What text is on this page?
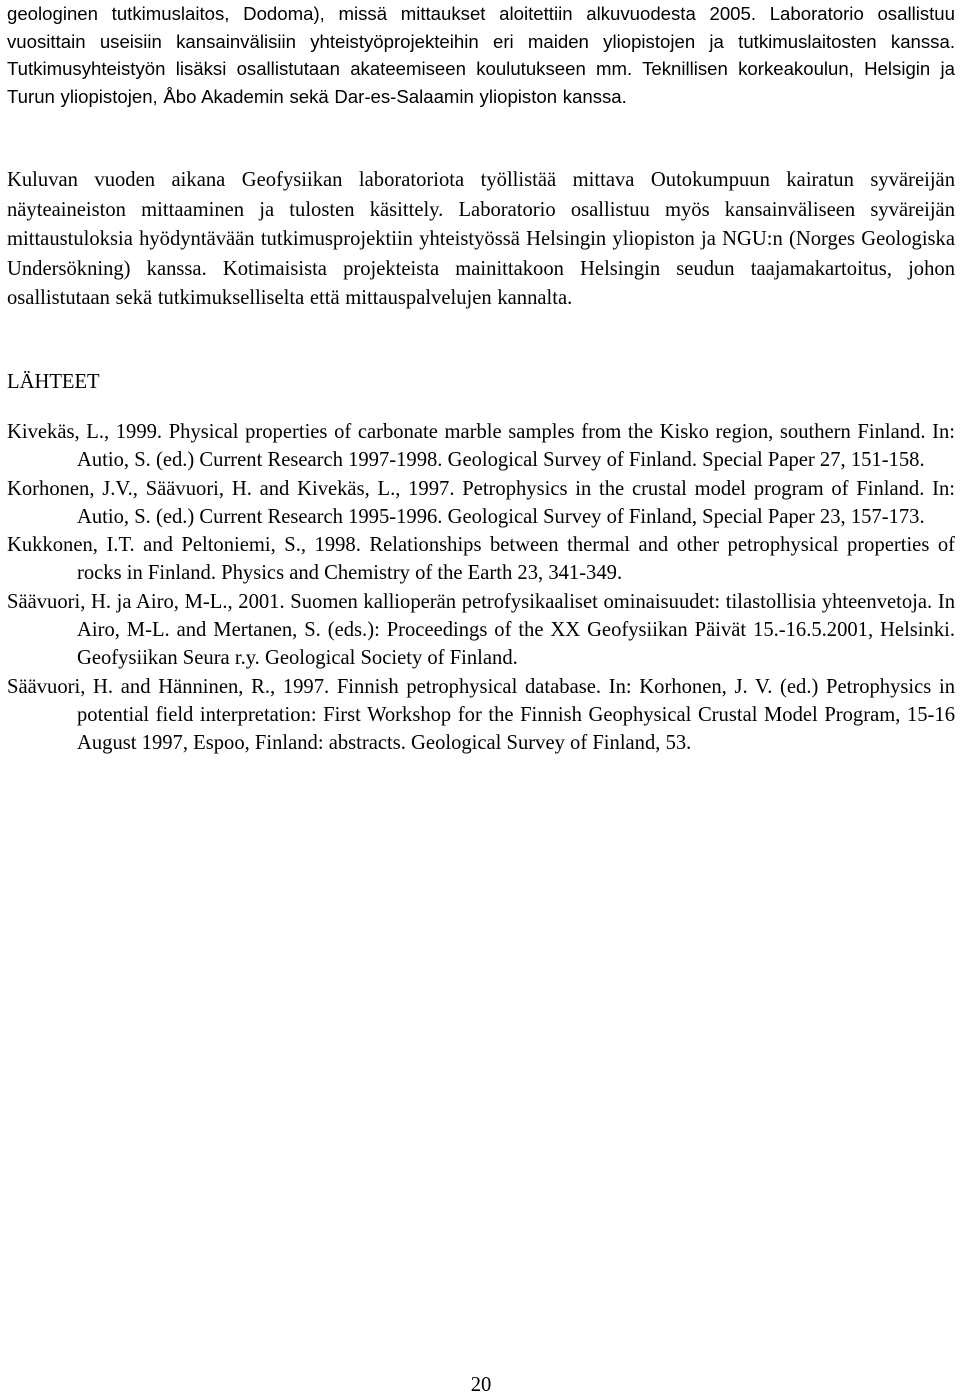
geologinen tutkimuslaitos, Dodoma), missä mittaukset aloitettiin alkuvuodesta 2005. Laboratorio osallistuu vuosittain useisiin kansainvälisiin yhteistyöprojekteihin eri maiden yliopistojen ja tutkimuslaitosten kanssa. Tutkimusyhteistyön lisäksi osallistutaan akateemiseen koulutukseen mm. Teknillisen korkeakoulun, Helsigin ja Turun yliopistojen, Åbo Akademin sekä Dar-es-Salaamin yliopiston kanssa.

Kuluvan vuoden aikana Geofysiikan laboratoriota työllistää mittava Outokumpuun kairatun syväreijän näyteaineiston mittaaminen ja tulosten käsittely. Laboratorio osallistuu myös kansainväliseen syväreijän mittaustuloksia hyödyntävään tutkimusprojektiin yhteistyössä Helsingin yliopiston ja NGU:n (Norges Geologiska Undersökning) kanssa. Kotimaisista projekteista mainittakoon Helsingin seudun taajamakartoitus, johon osallistutaan sekä tutkimukselliselta että mittauspalvelujen kannalta.

LÄHTEET
Kivekäs, L., 1999. Physical properties of carbonate marble samples from the Kisko region, southern Finland. In: Autio, S. (ed.) Current Research 1997-1998. Geological Survey of Finland. Special Paper 27, 151-158.
Korhonen, J.V., Säävuori, H. and Kivekäs, L., 1997. Petrophysics in the crustal model program of Finland. In: Autio, S. (ed.) Current Research 1995-1996. Geological Survey of Finland, Special Paper 23, 157-173.
Kukkonen, I.T. and Peltoniemi, S., 1998. Relationships between thermal and other petrophysical properties of rocks in Finland. Physics and Chemistry of the Earth 23, 341-349.
Säävuori, H. ja Airo, M-L., 2001. Suomen kallioperän petrofysikaaliset ominaisuudet: tilastollisia yhteenvetoja. In Airo, M-L. and Mertanen, S. (eds.): Proceedings of the XX Geofysiikan Päivät 15.-16.5.2001, Helsinki. Geofysiikan Seura r.y. Geological Society of Finland.
Säävuori, H. and Hänninen, R., 1997. Finnish petrophysical database. In: Korhonen, J. V. (ed.) Petrophysics in potential field interpretation: First Workshop for the Finnish Geophysical Crustal Model Program, 15-16 August 1997, Espoo, Finland: abstracts. Geological Survey of Finland, 53.
20
